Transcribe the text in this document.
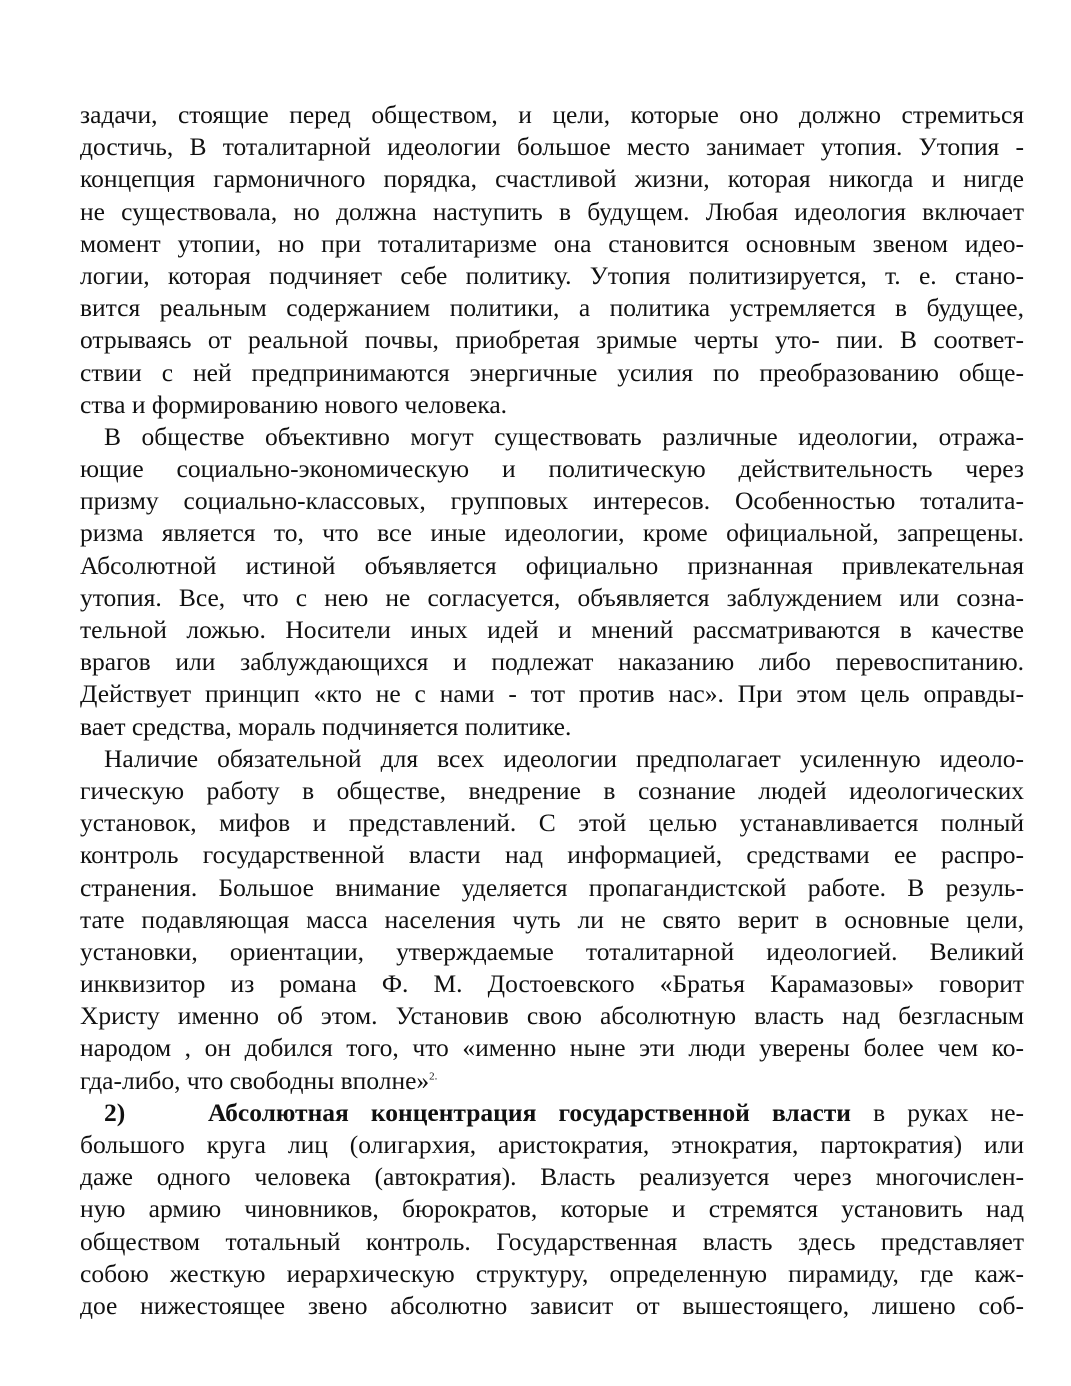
задачи, стоящие перед обществом, и цели, которые оно должно стремиться
достичь, В тоталитарной идеологии большое место занимает утопия. Утопия -
концепция гармоничного порядка, счастливой жизни, которая никогда и нигде
не существовала, но должна наступить в будущем. Любая идеология включает
момент утопии, но при тоталитаризме она становится основным звеном идео-
логии, которая подчиняет себе политику. Утопия политизируется, т. е. стано-
вится реальным содержанием политики, а политика устремляется в будущее,
отрываясь от реальной почвы, приобретая зримые черты уто- пии. В соответ-
ствии с ней предпринимаются энергичные усилия по преобразованию обще-
ства и формированию нового человека.
В обществе объективно могут существовать различные идеологии, отража-
ющие социально-экономическую и политическую действительность через
призму социально-классовых, групповых интересов. Особенностью тоталита-
ризма является то, что все иные идеологии, кроме официальной, запрещены.
Абсолютной истиной объявляется официально признанная привлекательная
утопия. Все, что с нею не согласуется, объявляется заблуждением или созна-
тельной ложью. Носители иных идей и мнений рассматриваются в качестве
врагов или заблуждающихся и подлежат наказанию либо перевоспитанию.
Действует принцип «кто не с нами - тот против нас». При этом цель оправды-
вает средства, мораль подчиняется политике.
Наличие обязательной для всех идеологии предполагает усиленную идеоло-
гическую работу в обществе, внедрение в сознание людей идеологических
установок, мифов и представлений. С этой целью устанавливается полный
контроль государственной власти над информацией, средствами ее распро-
странения. Большое внимание уделяется пропагандистской работе. В резуль-
тате подавляющая масса населения чуть ли не свято верит в основные цели,
установки, ориентации, утверждаемые тоталитарной идеологией. Великий
инквизитор из романа Ф. М. Достоевского «Братья Карамазовы» говорит
Христу именно об этом. Установив свою абсолютную власть над безгласным
народом , он добился того, что «именно ныне эти люди уверены более чем ко-
гда-либо, что свободны вполне»$^{2.}$
2)	Абсолютная концентрация государственной власти в руках не-
большого круга лиц (олигархия, аристократия, этнократия, партократия) или
даже одного человека (автократия). Власть реализуется через многочислен-
ную армию чиновников, бюрократов, которые и стремятся установить над
обществом тотальный контроль. Государственная власть здесь представляет
собою жесткую иерархическую структуру, определенную пирамиду, где каж-
дое нижестоящее звено абсолютно зависит от вышестоящего, лишено соб-
